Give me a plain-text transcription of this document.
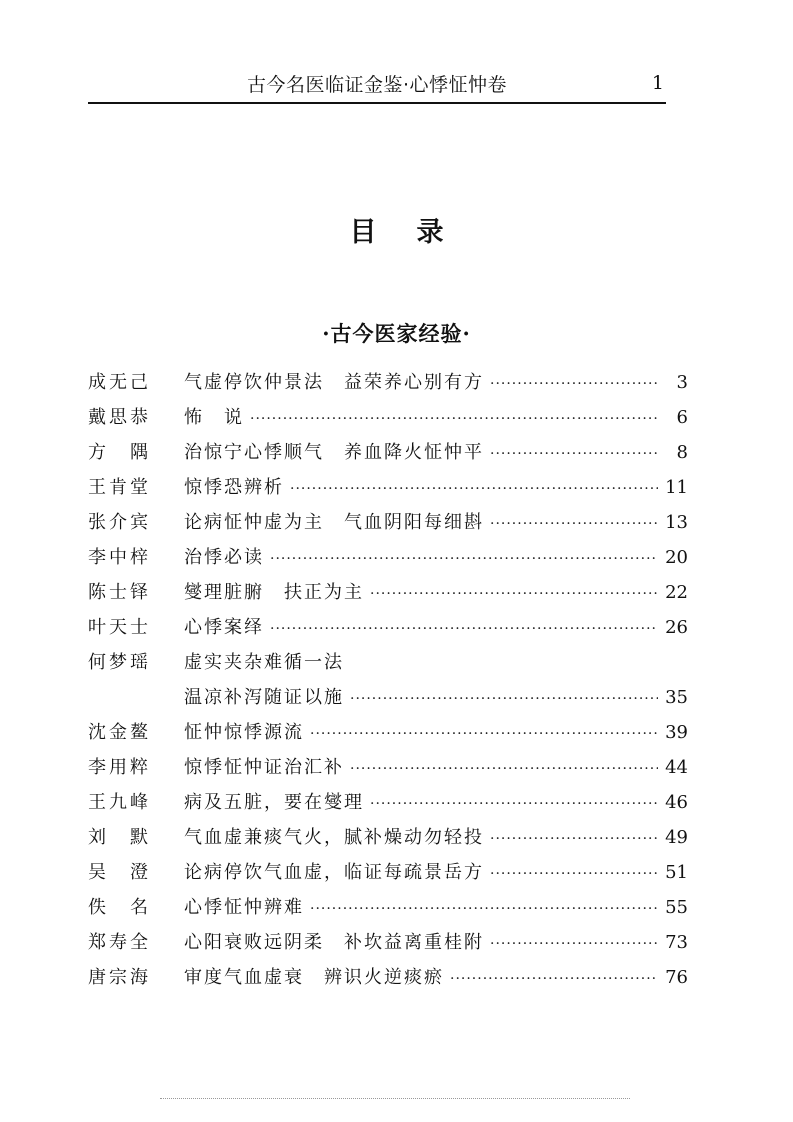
古今名医临证金鉴·心悸怔忡卷	1
目录
·古今医家经验·
成无己	气虚停饮仲景法　益荣养心别有方 ·····	3
戴思恭	怖　说 ·····	6
方　隅	治惊宁心悸顺气　养血降火怔忡平 ·····	8
王肯堂	惊悸恐辨析 ·····	11
张介宾	论病怔忡虚为主　气血阴阳每细斟 ·····	13
李中梓	治悸必读 ·····	20
陈士铎	燮理脏腑　扶正为主 ·····	22
叶天士	心悸案绎 ·····	26
何梦瑶	虚实夹杂难循一法
温凉补泻随证以施 ·····	35
沈金鳌	怔忡惊悸源流 ·····	39
李用粹	惊悸怔忡证治汇补 ·····	44
王九峰	病及五脏，要在燮理 ·····	46
刘　默	气血虚兼痰气火，腻补燥动勿轻投 ·····	49
吴　澄	论病停饮气血虚，临证每疏景岳方 ·····	51
佚　名	心悸怔忡辨难 ·····	55
郑寿全	心阳衰败远阴柔　补坎益离重桂附 ·····	73
唐宗海	审度气血虚衰　辨识火逆痰瘀 ·····	76
